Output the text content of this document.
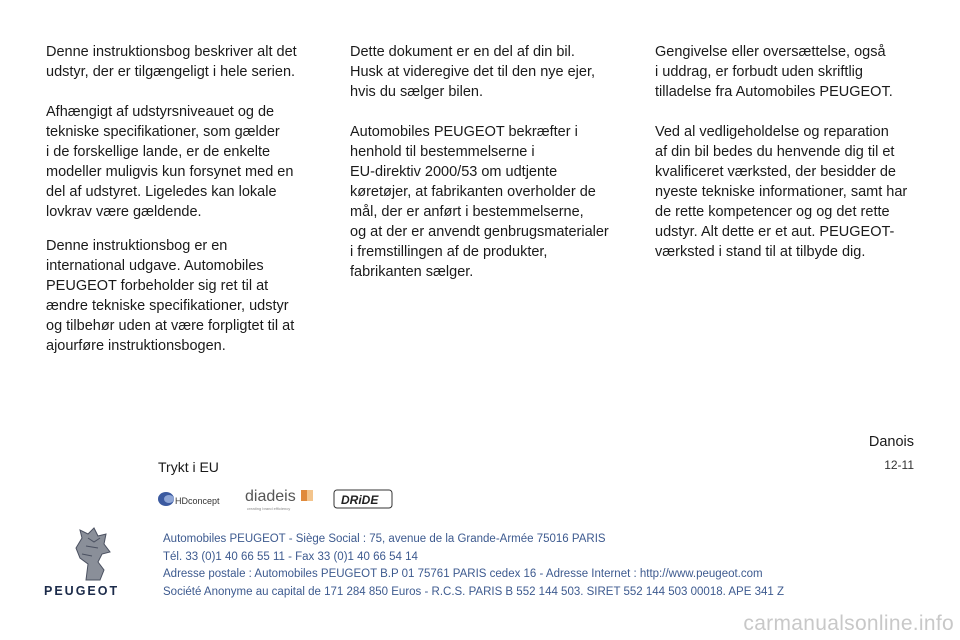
Denne instruktionsbog beskriver alt det
udstyr, der er tilgængeligt i hele serien.

Afhængigt af udstyrsniveauet og de
tekniske specifikationer, som gælder
i de forskellige lande, er de enkelte
modeller muligvis kun forsynet med en
del af udstyret. Ligeledes kan lokale
lovkrav være gældende.

Denne instruktionsbog er en
international udgave. Automobiles
PEUGEOT forbeholder sig ret til at
ændre tekniske specifikationer, udstyr
og tilbehør uden at være forpligtet til at
ajourføre instruktionsbogen.

Dette dokument er en del af din bil.
Husk at videregive det til den nye ejer,
hvis du sælger bilen.

Automobiles PEUGEOT bekræfter i
henhold til bestemmelserne i
EU-direktiv 2000/53 om udtjente
køretøjer, at fabrikanten overholder de
mål, der er anført i bestemmelserne,
og at der er anvendt genbrugsmaterialer
i fremstillingen af de produkter,
fabrikanten sælger.

Gengivelse eller oversættelse, også
i uddrag, er forbudt uden skriftlig
tilladelse fra Automobiles PEUGEOT.

Ved al vedligeholdelse og reparation
af din bil bedes du henvende dig til et
kvalificeret værksted, der besidder de
nyeste tekniske informationer, samt har
de rette kompetencer og og det rette
udstyr. Alt dette er et aut. PEUGEOT-
værksted i stand til at tilbyde dig.

Danois
12-11
Trykt i EU
HDconcept diadeis
creating brand efficiency
DRiDE
PEUGEOT
Automobiles PEUGEOT - Siège Social : 75, avenue de la Grande-Armée 75016 PARIS
Tél. 33 (0)1 40 66 55 11 - Fax 33 (0)1 40 66 54 14
Adresse postale : Automobiles PEUGEOT B.P 01 75761 PARIS cedex 16 - Adresse Internet : http://www.peugeot.com
Société Anonyme au capital de 171 284 850 Euros - R.C.S. PARIS B 552 144 503. SIRET 552 144 503 00018. APE 341 Z
carmanualsonline.info
